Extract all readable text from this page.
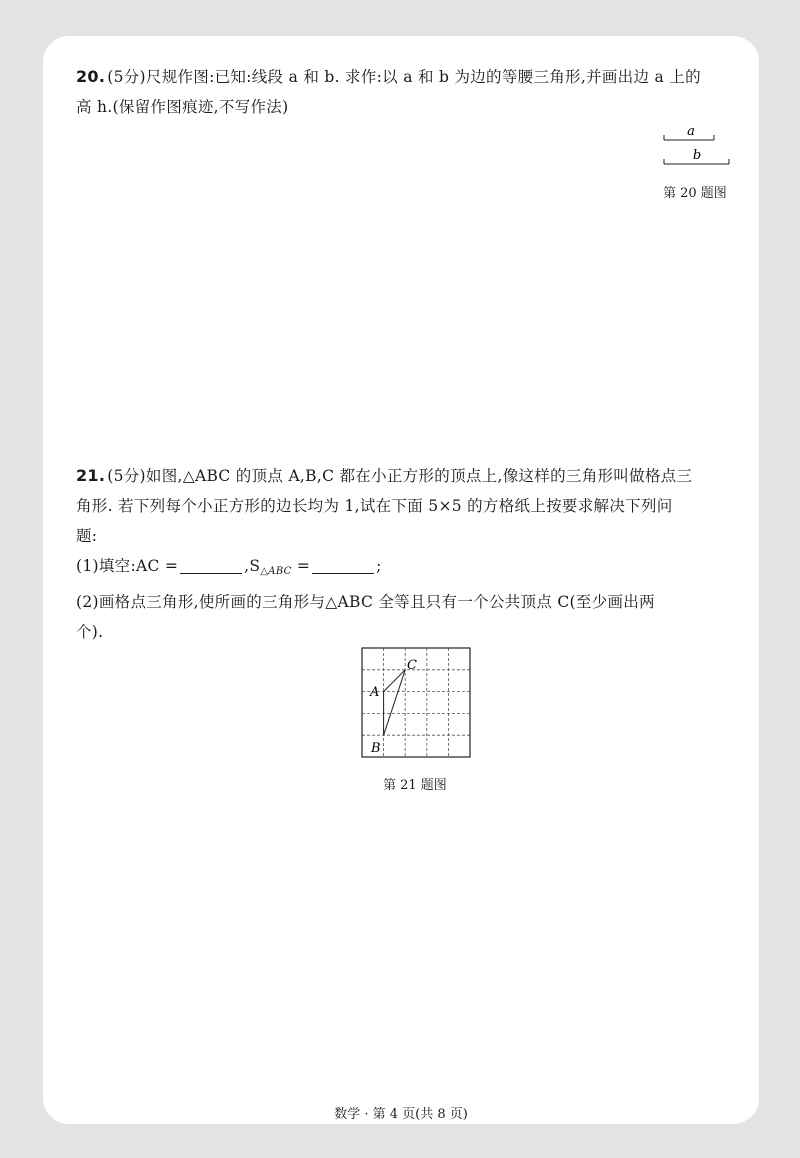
20. (5分)尺规作图:已知:线段 a 和 b. 求作:以 a 和 b 为边的等腰三角形,并画出边 a 上的
高 h.(保留作图痕迹,不写作法)
a
b
第 20 题图
21. (5分)如图,△ABC 的顶点 A,B,C 都在小正方形的顶点上,像这样的三角形叫做格点三
角形. 若下列每个小正方形的边长均为 1,试在下面 5×5 的方格纸上按要求解决下列问
题:
(1)填空:AC =	$,S_{\triangle ABC}$ =	;
(2)画格点三角形,使所画的三角形与△ABC 全等且只有一个公共顶点 C(至少画出两
个).
A
B
C
第 21 题图
数学 · 第 4 页(共 8 页)
